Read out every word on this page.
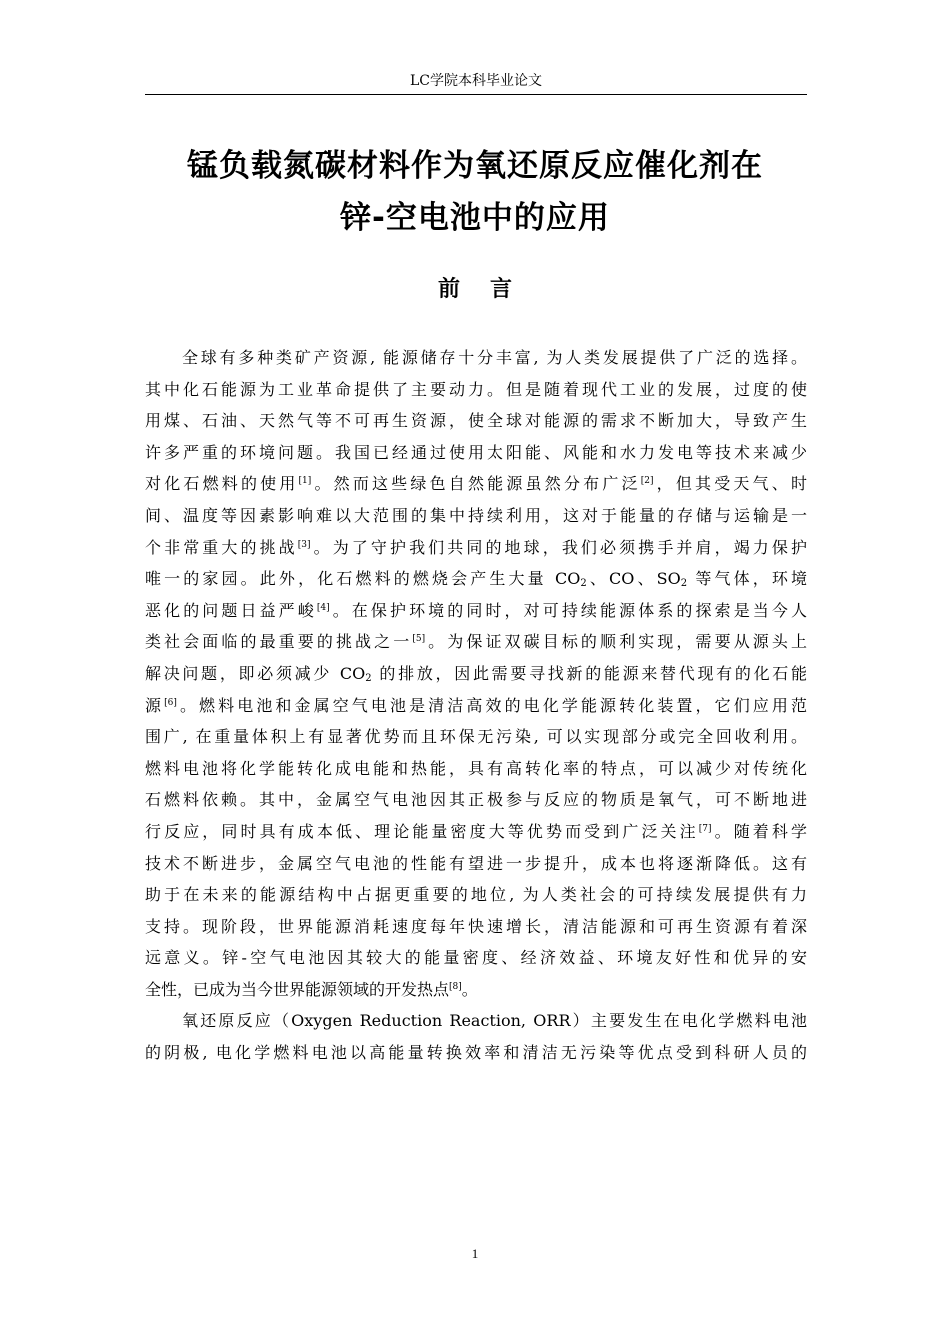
LC学院本科毕业论文
锰负载氮碳材料作为氧还原反应催化剂在
锌-空电池中的应用
前 言
全球有多种类矿产资源, 能源储存十分丰富, 为人类发展提供了广泛的选择。
其中化石能源为工业革命提供了主要动力。但是随着现代工业的发展，过度的使
用煤、石油、天然气等不可再生资源，使全球对能源的需求不断加大，导致产生
许多严重的环境问题。我国已经通过使用太阳能、风能和水力发电等技术来减少
对化石燃料的使用[1]。然而这些绿色自然能源虽然分布广泛[2]，但其受天气、时
间、温度等因素影响难以大范围的集中持续利用，这对于能量的存储与运输是一
个非常重大的挑战[3]。为了守护我们共同的地球，我们必须携手并肩，竭力保护
唯一的家园。此外，化石燃料的燃烧会产生大量 $CO_2$、CO、$SO_2$ 等气体，环境
恶化的问题日益严峻[4]。在保护环境的同时，对可持续能源体系的探索是当今人
类社会面临的最重要的挑战之一[5]。为保证双碳目标的顺利实现，需要从源头上
解决问题，即必须减少 $CO_2$ 的排放，因此需要寻找新的能源来替代现有的化石能
源[6]。燃料电池和金属空气电池是清洁高效的电化学能源转化装置，它们应用范
围广, 在重量体积上有显著优势而且环保无污染, 可以实现部分或完全回收利用。
燃料电池将化学能转化成电能和热能，具有高转化率的特点，可以减少对传统化
石燃料依赖。其中，金属空气电池因其正极参与反应的物质是氧气，可不断地进
行反应，同时具有成本低、理论能量密度大等优势而受到广泛关注[7]。随着科学
技术不断进步，金属空气电池的性能有望进一步提升，成本也将逐渐降低。这有
助于在未来的能源结构中占据更重要的地位, 为人类社会的可持续发展提供有力
支持。现阶段，世界能源消耗速度每年快速增长，清洁能源和可再生资源有着深
远意义。锌-空气电池因其较大的能量密度、经济效益、环境友好性和优异的安
全性，已成为当今世界能源领域的开发热点[8]。
氧还原反应（Oxygen Reduction Reaction, ORR）主要发生在电化学燃料电池
的阴极, 电化学燃料电池以高能量转换效率和清洁无污染等优点受到科研人员的
1
